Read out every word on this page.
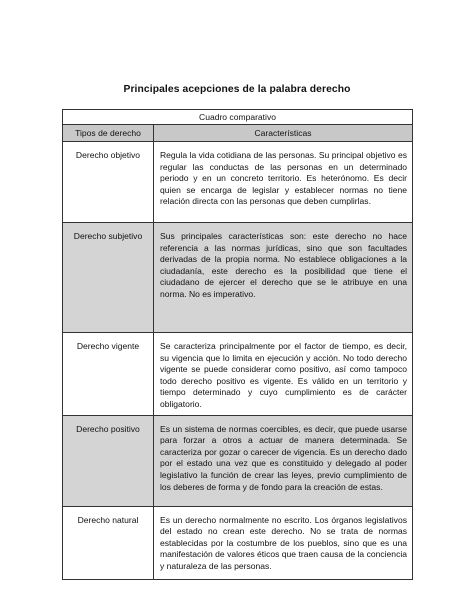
Principales acepciones de la palabra derecho
Cuadro comparativo	
Tipos de derecho	Características
Derecho objetivo	Regula la vida cotidiana de las personas. Su principal objetivo es regular las conductas de las personas en un determinado periodo y en un concreto territorio. Es heterónomo. Es decir quien se encarga de legislar y establecer normas no tiene relación directa con las personas que deben cumplirlas.
Derecho subjetivo	Sus principales características son: este derecho no hace referencia a las normas jurídicas, sino que son facultades derivadas de la propia norma. No establece obligaciones a la ciudadanía, este derecho es la posibilidad que tiene el ciudadano de ejercer el derecho que se le atribuye en una norma. No es imperativo.
Derecho vigente	Se caracteriza principalmente por el factor de tiempo, es decir, su vigencia que lo limita en ejecución y acción. No todo derecho vigente se puede considerar como positivo, así como tampoco todo derecho positivo es vigente. Es válido en un territorio y tiempo determinado y cuyo cumplimiento es de carácter obligatorio.
Derecho positivo	Es un sistema de normas coercibles, es decir, que puede usarse para forzar a otros a actuar de manera determinada. Se caracteriza por gozar o carecer de vigencia. Es un derecho dado por el estado una vez que es constituido y delegado al poder legislativo la función de crear las leyes, previo cumplimiento de los deberes de forma y de fondo para la creación de estas.
Derecho natural	Es un derecho normalmente no escrito. Los órganos legislativos del estado no crean este derecho. No se trata de normas establecidas por la costumbre de los pueblos, sino que es una manifestación de valores éticos que traen causa de la conciencia y naturaleza de las personas.
